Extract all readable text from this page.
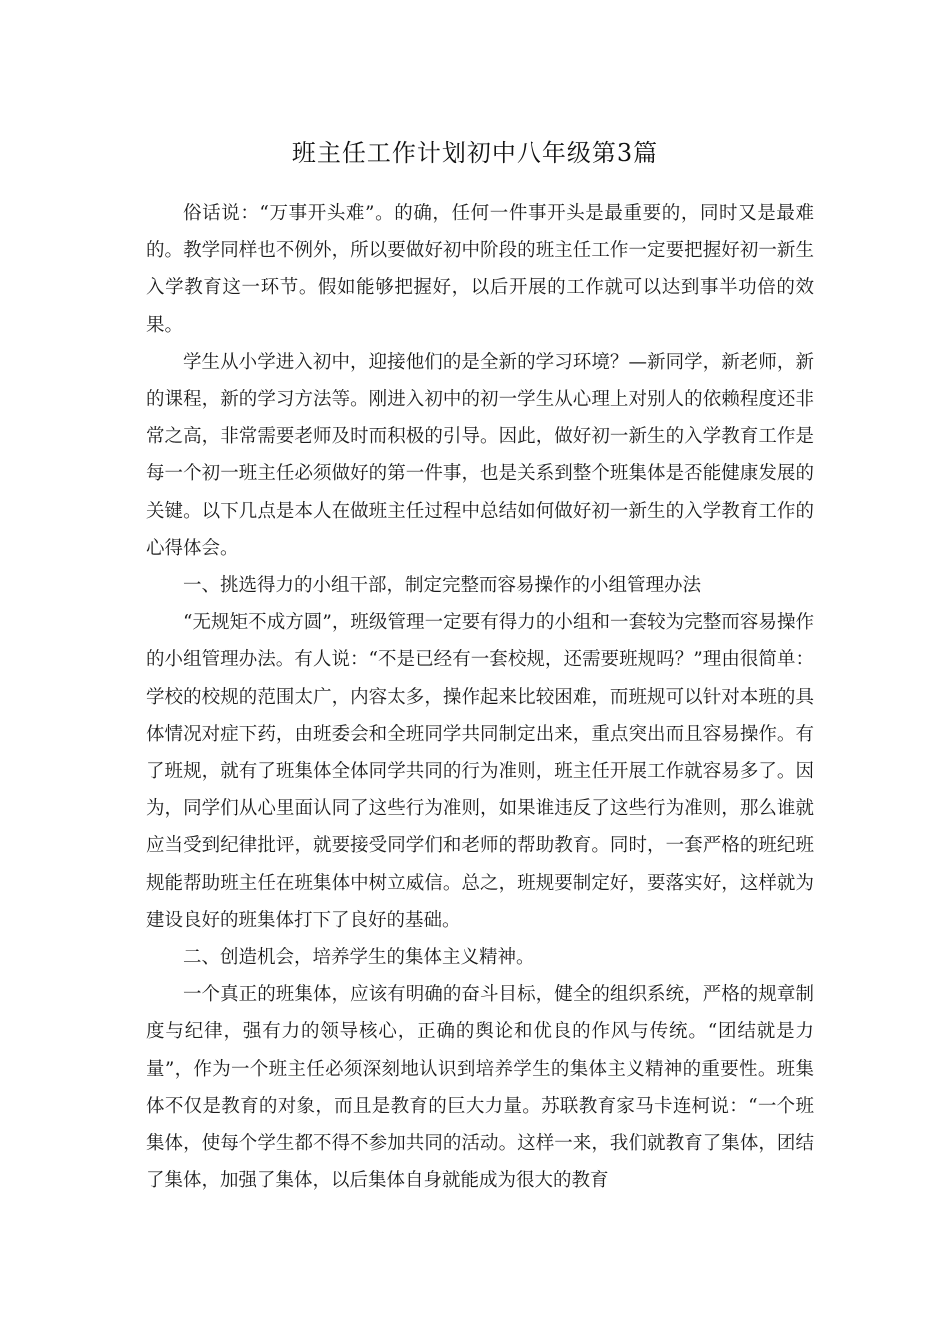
班主任工作计划初中八年级第3篇

俗话说：“万事开头难”。的确，任何一件事开头是最重要的，同时又是最难的。教学同样也不例外，所以要做好初中阶段的班主任工作一定要把握好初一新生入学教育这一环节。假如能够把握好，以后开展的工作就可以达到事半功倍的效果。

学生从小学进入初中，迎接他们的是全新的学习环境？—新同学，新老师，新的课程，新的学习方法等。刚进入初中的初一学生从心理上对别人的依赖程度还非常之高，非常需要老师及时而积极的引导。因此，做好初一新生的入学教育工作是每一个初一班主任必须做好的第一件事，也是关系到整个班集体是否能健康发展的关键。以下几点是本人在做班主任过程中总结如何做好初一新生的入学教育工作的心得体会。

一、挑选得力的小组干部，制定完整而容易操作的小组管理办法

“无规矩不成方圆”，班级管理一定要有得力的小组和一套较为完整而容易操作的小组管理办法。有人说：“不是已经有一套校规，还需要班规吗？”理由很简单：学校的校规的范围太广，内容太多，操作起来比较困难，而班规可以针对本班的具体情况对症下药，由班委会和全班同学共同制定出来，重点突出而且容易操作。有了班规，就有了班集体全体同学共同的行为准则，班主任开展工作就容易多了。因为，同学们从心里面认同了这些行为准则，如果谁违反了这些行为准则，那么谁就应当受到纪律批评，就要接受同学们和老师的帮助教育。同时，一套严格的班纪班规能帮助班主任在班集体中树立威信。总之，班规要制定好，要落实好，这样就为建设良好的班集体打下了良好的基础。

二、创造机会，培养学生的集体主义精神。

一个真正的班集体，应该有明确的奋斗目标，健全的组织系统，严格的规章制度与纪律，强有力的领导核心，正确的舆论和优良的作风与传统。“团结就是力量”，作为一个班主任必须深刻地认识到培养学生的集体主义精神的重要性。班集体不仅是教育的对象，而且是教育的巨大力量。苏联教育家马卡连柯说：“一个班集体，使每个学生都不得不参加共同的活动。这样一来，我们就教育了集体，团结了集体，加强了集体，以后集体自身就能成为很大的教育
